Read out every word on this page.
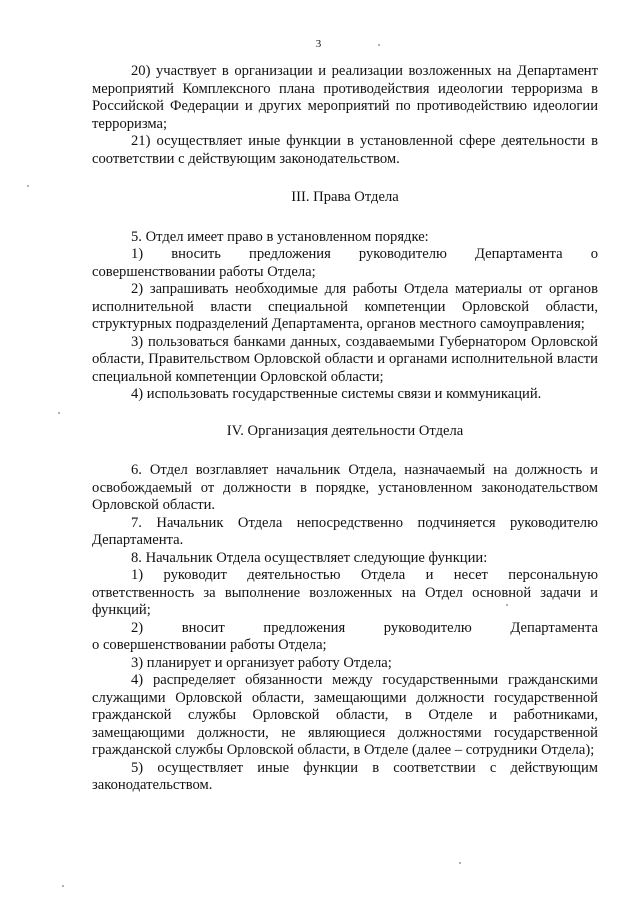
3

20) участвует в организации и реализации возложенных на Департамент мероприятий Комплексного плана противодействия идеологии терроризма в Российской Федерации и других мероприятий по противодействию идеологии терроризма;

21) осуществляет иные функции в установленной сфере деятельности в соответствии с действующим законодательством.

III. Права Отдела

5. Отдел имеет право в установленном порядке:

1) вносить предложения руководителю Департамента о совершенствовании работы Отдела;

2) запрашивать необходимые для работы Отдела материалы от органов исполнительной власти специальной компетенции Орловской области, структурных подразделений Департамента, органов местного самоуправления;

3) пользоваться банками данных, создаваемыми Губернатором Орловской области, Правительством Орловской области и органами исполнительной власти специальной компетенции Орловской области;

4) использовать государственные системы связи и коммуникаций.

IV. Организация деятельности Отдела

6. Отдел возглавляет начальник Отдела, назначаемый на должность и освобождаемый от должности в порядке, установленном законодательством Орловской области.

7. Начальник Отдела непосредственно подчиняется руководителю Департамента.

8. Начальник Отдела осуществляет следующие функции:

1) руководит деятельностью Отдела и несет персональную ответственность за выполнение возложенных на Отдел основной задачи и функций;

2) вносит предложения руководителю Департамента

о совершенствовании работы Отдела;

3) планирует и организует работу Отдела;

4) распределяет обязанности между государственными гражданскими служащими Орловской области, замещающими должности государственной гражданской службы Орловской области, в Отделе и работниками, замещающими должности, не являющиеся должностями государственной гражданской службы Орловской области, в Отделе (далее – сотрудники Отдела);

5) осуществляет иные функции в соответствии с действующим законодательством.
